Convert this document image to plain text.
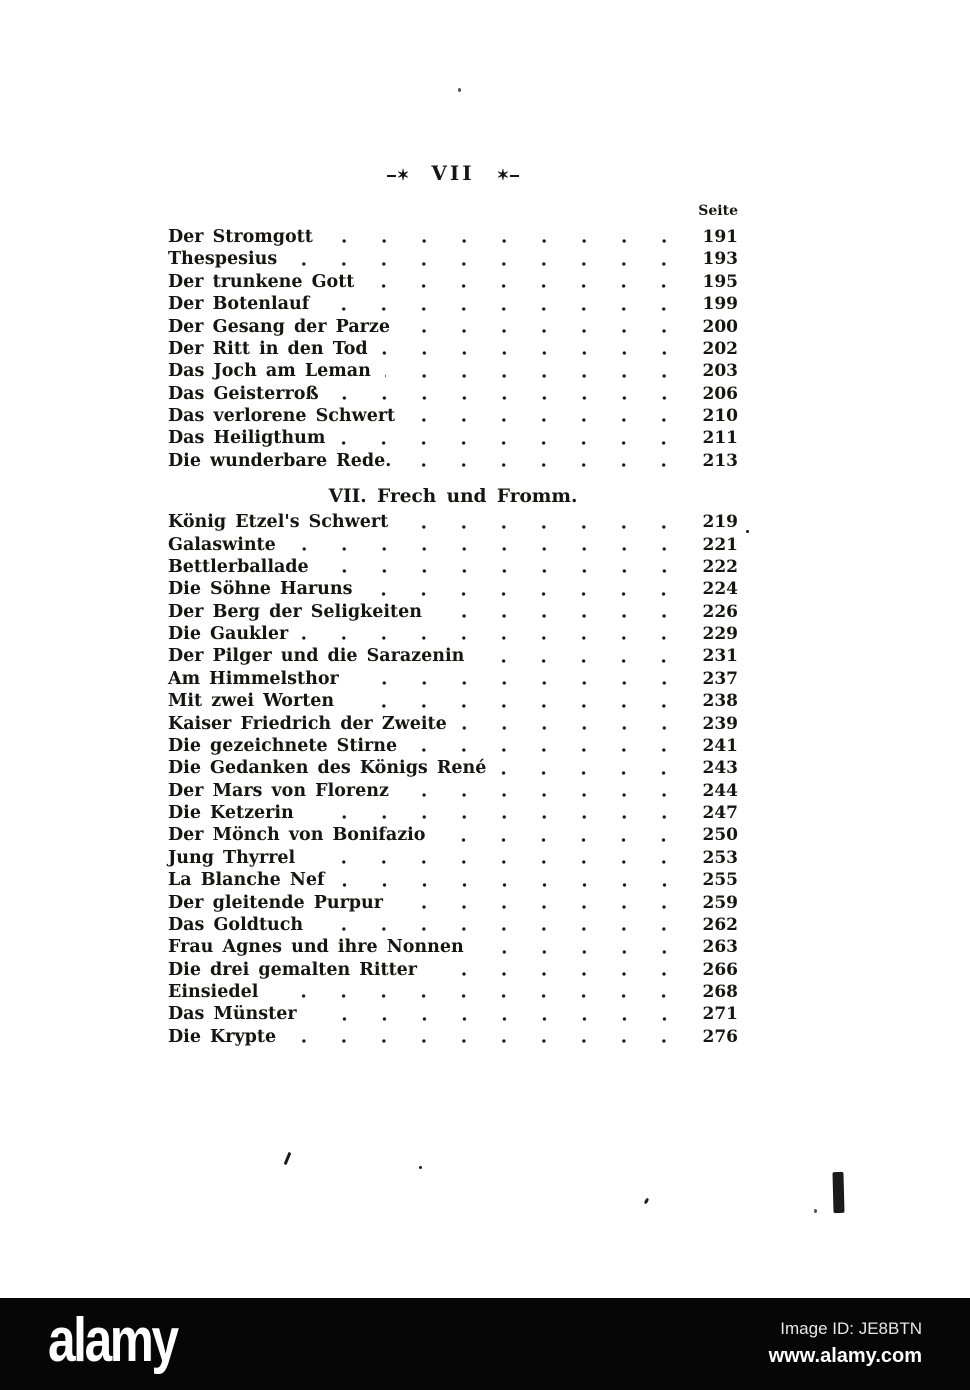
✶ VII ✶
Seite
Der Stromgott	191
Thespesius	193
Der trunkene Gott	195
Der Botenlauf	199
Der Gesang der Parze	200
Der Ritt in den Tod	202
Das Joch am Leman	203
Das Geisterroß	206
Das verlorene Schwert	210
Das Heiligthum	211
Die wunderbare Rede.	213
VII. Frech und Fromm.
König Etzel's Schwert	219
Galaswinte	221
Bettlerballade	222
Die Söhne Haruns	224
Der Berg der Seligkeiten	226
Die Gaukler	229
Der Pilger und die Sarazenin	231
Am Himmelsthor	237
Mit zwei Worten	238
Kaiser Friedrich der Zweite	239
Die gezeichnete Stirne	241
Die Gedanken des Königs René	243
Der Mars von Florenz	244
Die Ketzerin	247
Der Mönch von Bonifazio	250
Jung Thyrrel	253
La Blanche Nef	255
Der gleitende Purpur	259
Das Goldtuch	262
Frau Agnes und ihre Nonnen	263
Die drei gemalten Ritter	266
Einsiedel	268
Das Münster	271
Die Krypte	276
alamy	Image ID: JE8BTN
www.alamy.com
